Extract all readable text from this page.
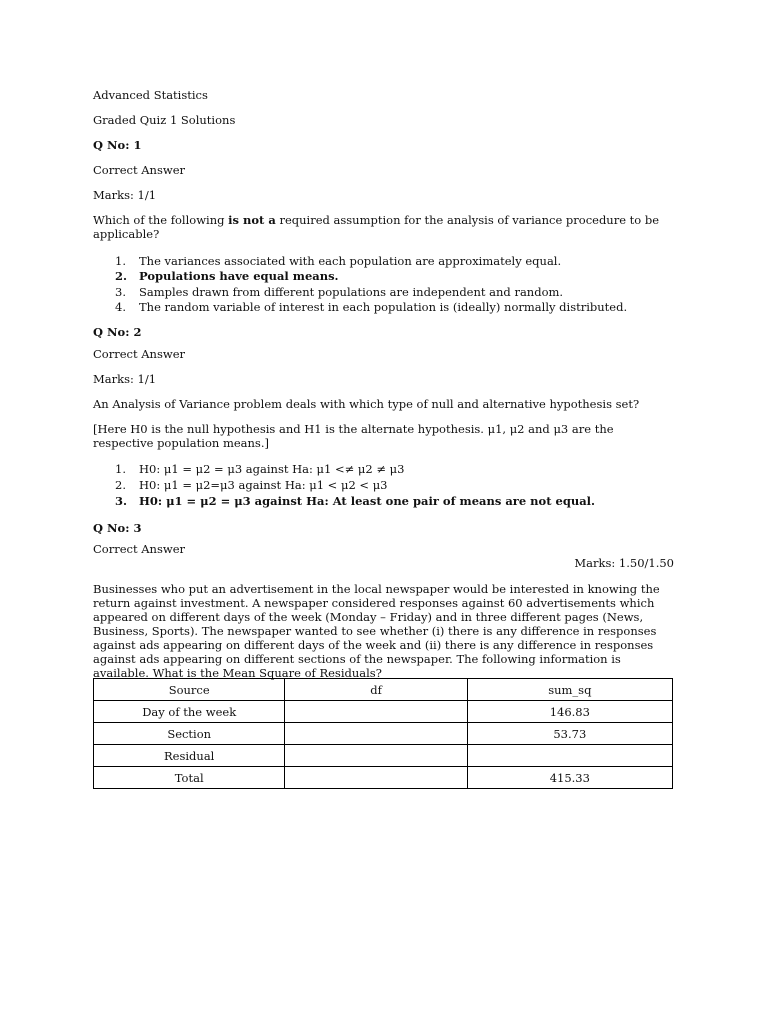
Advanced Statistics
Graded Quiz 1 Solutions
Q No: 1
Correct Answer
Marks: 1/1
Which of the following is not a required assumption for the analysis of variance procedure to be applicable?
1. The variances associated with each population are approximately equal.
2. Populations have equal means.
3. Samples drawn from different populations are independent and random.
4. The random variable of interest in each population is (ideally) normally distributed.
Q No: 2
Correct Answer
Marks: 1/1
An Analysis of Variance problem deals with which type of null and alternative hypothesis set?
[Here H0 is the null hypothesis and H1 is the alternate hypothesis. μ1, μ2 and μ3 are the respective population means.]
1. H0: μ1 = μ2 = μ3 against Ha: μ1 <≠ μ2 ≠ μ3
2. H0: μ1 = μ2=μ3 against Ha: μ1 < μ2 < μ3
3. H0: μ1 = μ2 = μ3 against Ha: At least one pair of means are not equal.
Q No: 3
Correct Answer
Marks: 1.50/1.50
Businesses who put an advertisement in the local newspaper would be interested in knowing the return against investment. A newspaper considered responses against 60 advertisements which appeared on different days of the week (Monday – Friday) and in three different pages (News, Business, Sports). The newspaper wanted to see whether (i) there is any difference in responses against ads appearing on different days of the week and (ii) there is any difference in responses against ads appearing on different sections of the newspaper. The following information is available. What is the Mean Square of Residuals?
Source	df	sum_sq
Day of the week		146.83
Section		53.73
Residual		
Total		415.33
